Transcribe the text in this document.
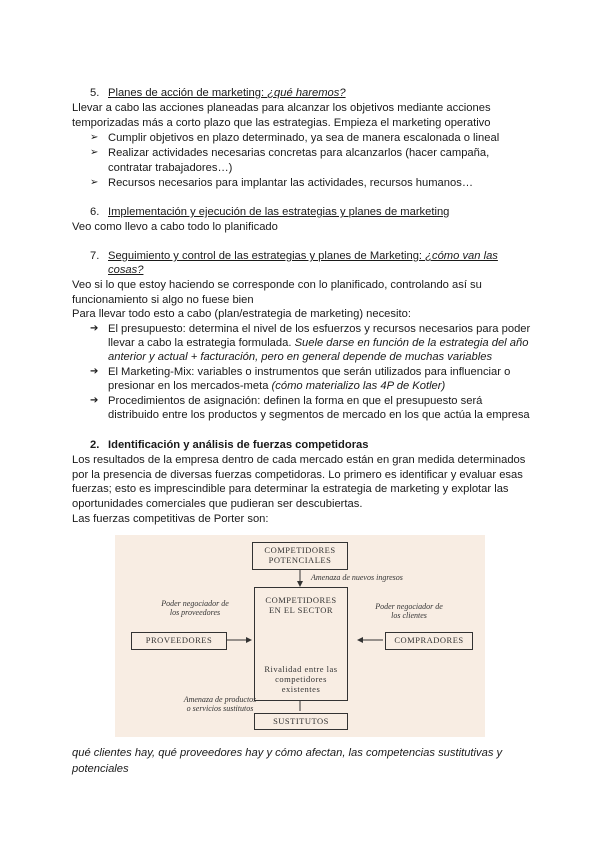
5. Planes de acción de marketing: ¿qué haremos?
Llevar a cabo las acciones planeadas para alcanzar los objetivos mediante acciones
temporizadas más a corto plazo que las estrategias. Empieza el marketing operativo
➢ Cumplir objetivos en plazo determinado, ya sea de manera escalonada o lineal
➢ Realizar actividades necesarias concretas para alcanzarlos (hacer campaña,
contratar trabajadores…)
➢ Recursos necesarios para implantar las actividades, recursos humanos…
6. Implementación y ejecución de las estrategias y planes de marketing
Veo como llevo a cabo todo lo planificado
7. Seguimiento y control de las estrategias y planes de Marketing: ¿cómo van las
cosas?
Veo si lo que estoy haciendo se corresponde con lo planificado, controlando así su
funcionamiento si algo no fuese bien
Para llevar todo esto a cabo (plan/estrategia de marketing) necesito:
➔ El presupuesto: determina el nivel de los esfuerzos y recursos necesarios para poder
llevar a cabo la estrategia formulada. Suele darse en función de la estrategia del año
anterior y actual + facturación, pero en general depende de muchas variables
➔ El Marketing-Mix: variables o instrumentos que serán utilizados para influenciar o
presionar en los mercados-meta (cómo materializo las 4P de Kotler)
➔ Procedimientos de asignación: definen la forma en que el presupuesto será
distribuido entre los productos y segmentos de mercado en los que actúa la empresa
2. Identificación y análisis de fuerzas competidoras
Los resultados de la empresa dentro de cada mercado están en gran medida determinados
por la presencia de diversas fuerzas competidoras. Lo primero es identificar y evaluar esas
fuerzas; esto es imprescindible para determinar la estrategia de marketing y explotar las
oportunidades comerciales que pudieran ser descubiertas.
Las fuerzas competitivas de Porter son:
COMPETIDORES
POTENCIALES
Amenaza de nuevos ingresos
COMPETIDORES
EN EL SECTOR
Rivalidad entre las
competidores existentes
Poder negociador de
los proveedores
Poder negociador de
los clientes
PROVEEDORES	COMPRADORES
Amenaza de productos
o servicios sustitutos
SUSTITUTOS
qué clientes hay, qué proveedores hay y cómo afectan, las competencias sustitutivas y
potenciales
